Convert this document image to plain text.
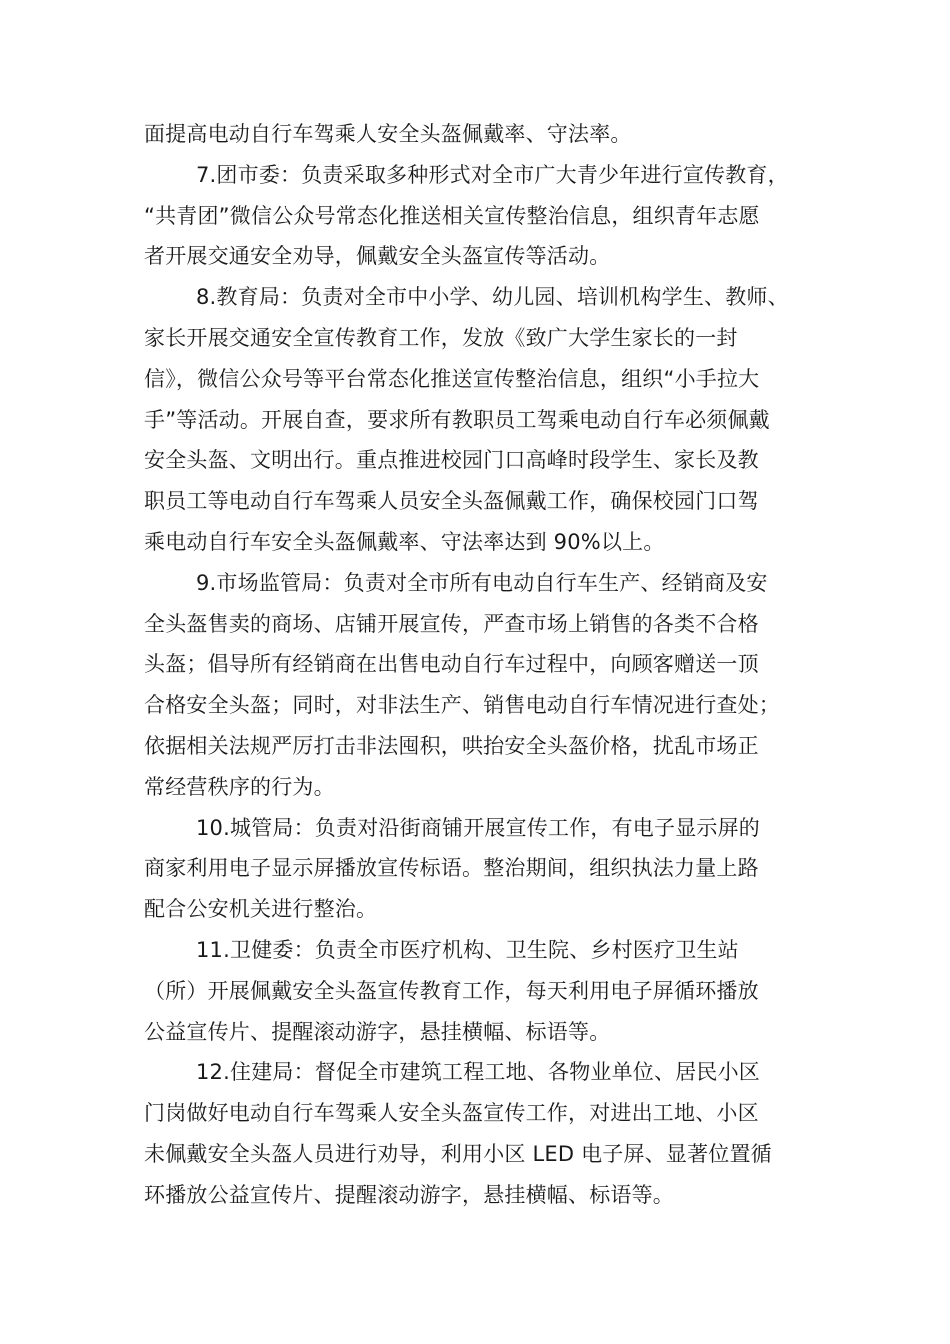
面提高电动自行车驾乘人安全头盔佩戴率、守法率。
7.团市委：负责采取多种形式对全市广大青少年进行宣传教育，
“共青团”微信公众号常态化推送相关宣传整治信息，组织青年志愿
者开展交通安全劝导，佩戴安全头盔宣传等活动。
8.教育局：负责对全市中小学、幼儿园、培训机构学生、教师、
家长开展交通安全宣传教育工作，发放《致广大学生家长的一封
信》，微信公众号等平台常态化推送宣传整治信息，组织“小手拉大
手”等活动。开展自查，要求所有教职员工驾乘电动自行车必须佩戴
安全头盔、文明出行。重点推进校园门口高峰时段学生、家长及教
职员工等电动自行车驾乘人员安全头盔佩戴工作，确保校园门口驾
乘电动自行车安全头盔佩戴率、守法率达到 90%以上。
9.市场监管局：负责对全市所有电动自行车生产、经销商及安
全头盔售卖的商场、店铺开展宣传，严查市场上销售的各类不合格
头盔；倡导所有经销商在出售电动自行车过程中，向顾客赠送一顶
合格安全头盔；同时，对非法生产、销售电动自行车情况进行查处；
依据相关法规严厉打击非法囤积，哄抬安全头盔价格，扰乱市场正
常经营秩序的行为。
10.城管局：负责对沿街商铺开展宣传工作，有电子显示屏的
商家利用电子显示屏播放宣传标语。整治期间，组织执法力量上路
配合公安机关进行整治。
11.卫健委：负责全市医疗机构、卫生院、乡村医疗卫生站
（所）开展佩戴安全头盔宣传教育工作，每天利用电子屏循环播放
公益宣传片、提醒滚动游字，悬挂横幅、标语等。
12.住建局：督促全市建筑工程工地、各物业单位、居民小区
门岗做好电动自行车驾乘人安全头盔宣传工作，对进出工地、小区
未佩戴安全头盔人员进行劝导，利用小区 LED 电子屏、显著位置循
环播放公益宣传片、提醒滚动游字，悬挂横幅、标语等。
